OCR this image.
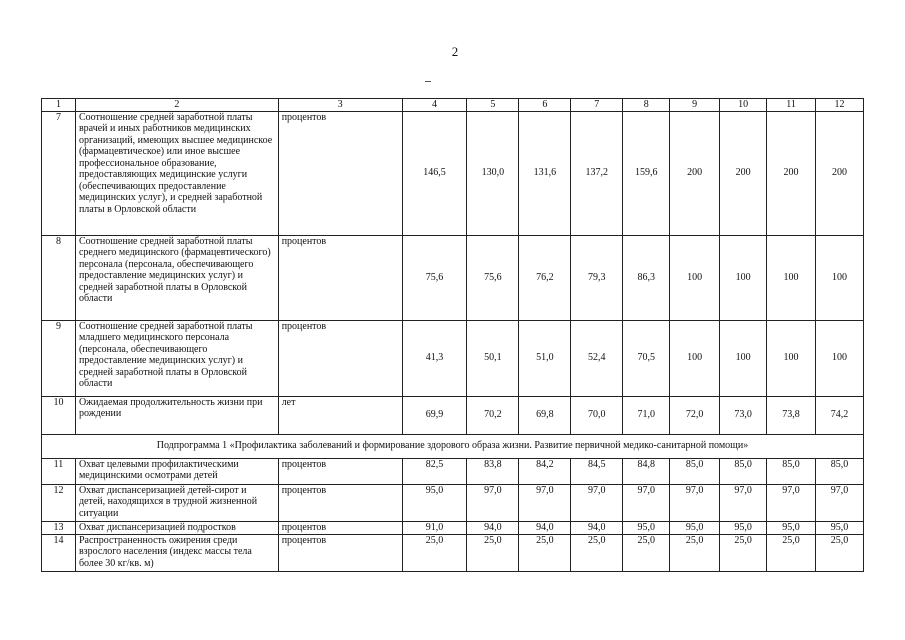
2
1	2	3	4	5	6	7	8	9	10	11	12
7	Соотношение средней заработной платы врачей и иных работников медицинских организаций, имеющих высшее медицинское (фармацевтическое) или иное высшее профессиональное образование, предоставляющих медицинские услуги (обеспечивающих предоставление медицинских услуг), и средней заработной платы в Орловской области	процентов	146,5	130,0	131,6	137,2	159,6	200	200	200	200
8	Соотношение средней заработной платы среднего медицинского (фармацевтического) персонала (персонала, обеспечивающего предоставление медицинских услуг) и средней заработной платы в Орловской области	процентов	75,6	75,6	76,2	79,3	86,3	100	100	100	100
9	Соотношение средней заработной платы младшего медицинского персонала (персонала, обеспечивающего предоставление медицинских услуг) и средней заработной платы в Орловской области	процентов	41,3	50,1	51,0	52,4	70,5	100	100	100	100
10	Ожидаемая продолжительность жизни при рождении	лет	69,9	70,2	69,8	70,0	71,0	72,0	73,0	73,8	74,2
Подпрограмма 1 «Профилактика заболеваний и формирование здорового образа жизни. Развитие первичной медико-санитарной помощи»											
11	Охват целевыми профилактическими медицинскими осмотрами детей	процентов	82,5	83,8	84,2	84,5	84,8	85,0	85,0	85,0	85,0
12	Охват диспансеризацией детей-сирот и детей, находящихся в трудной жизненной ситуации	процентов	95,0	97,0	97,0	97,0	97,0	97,0	97,0	97,0	97,0
13	Охват диспансеризацией подростков	процентов	91,0	94,0	94,0	94,0	95,0	95,0	95,0	95,0	95,0
14	Распространенность ожирения среди взрослого населения (индекс массы тела более 30 кг/кв. м)	процентов	25,0	25,0	25,0	25,0	25,0	25,0	25,0	25,0	25,0
